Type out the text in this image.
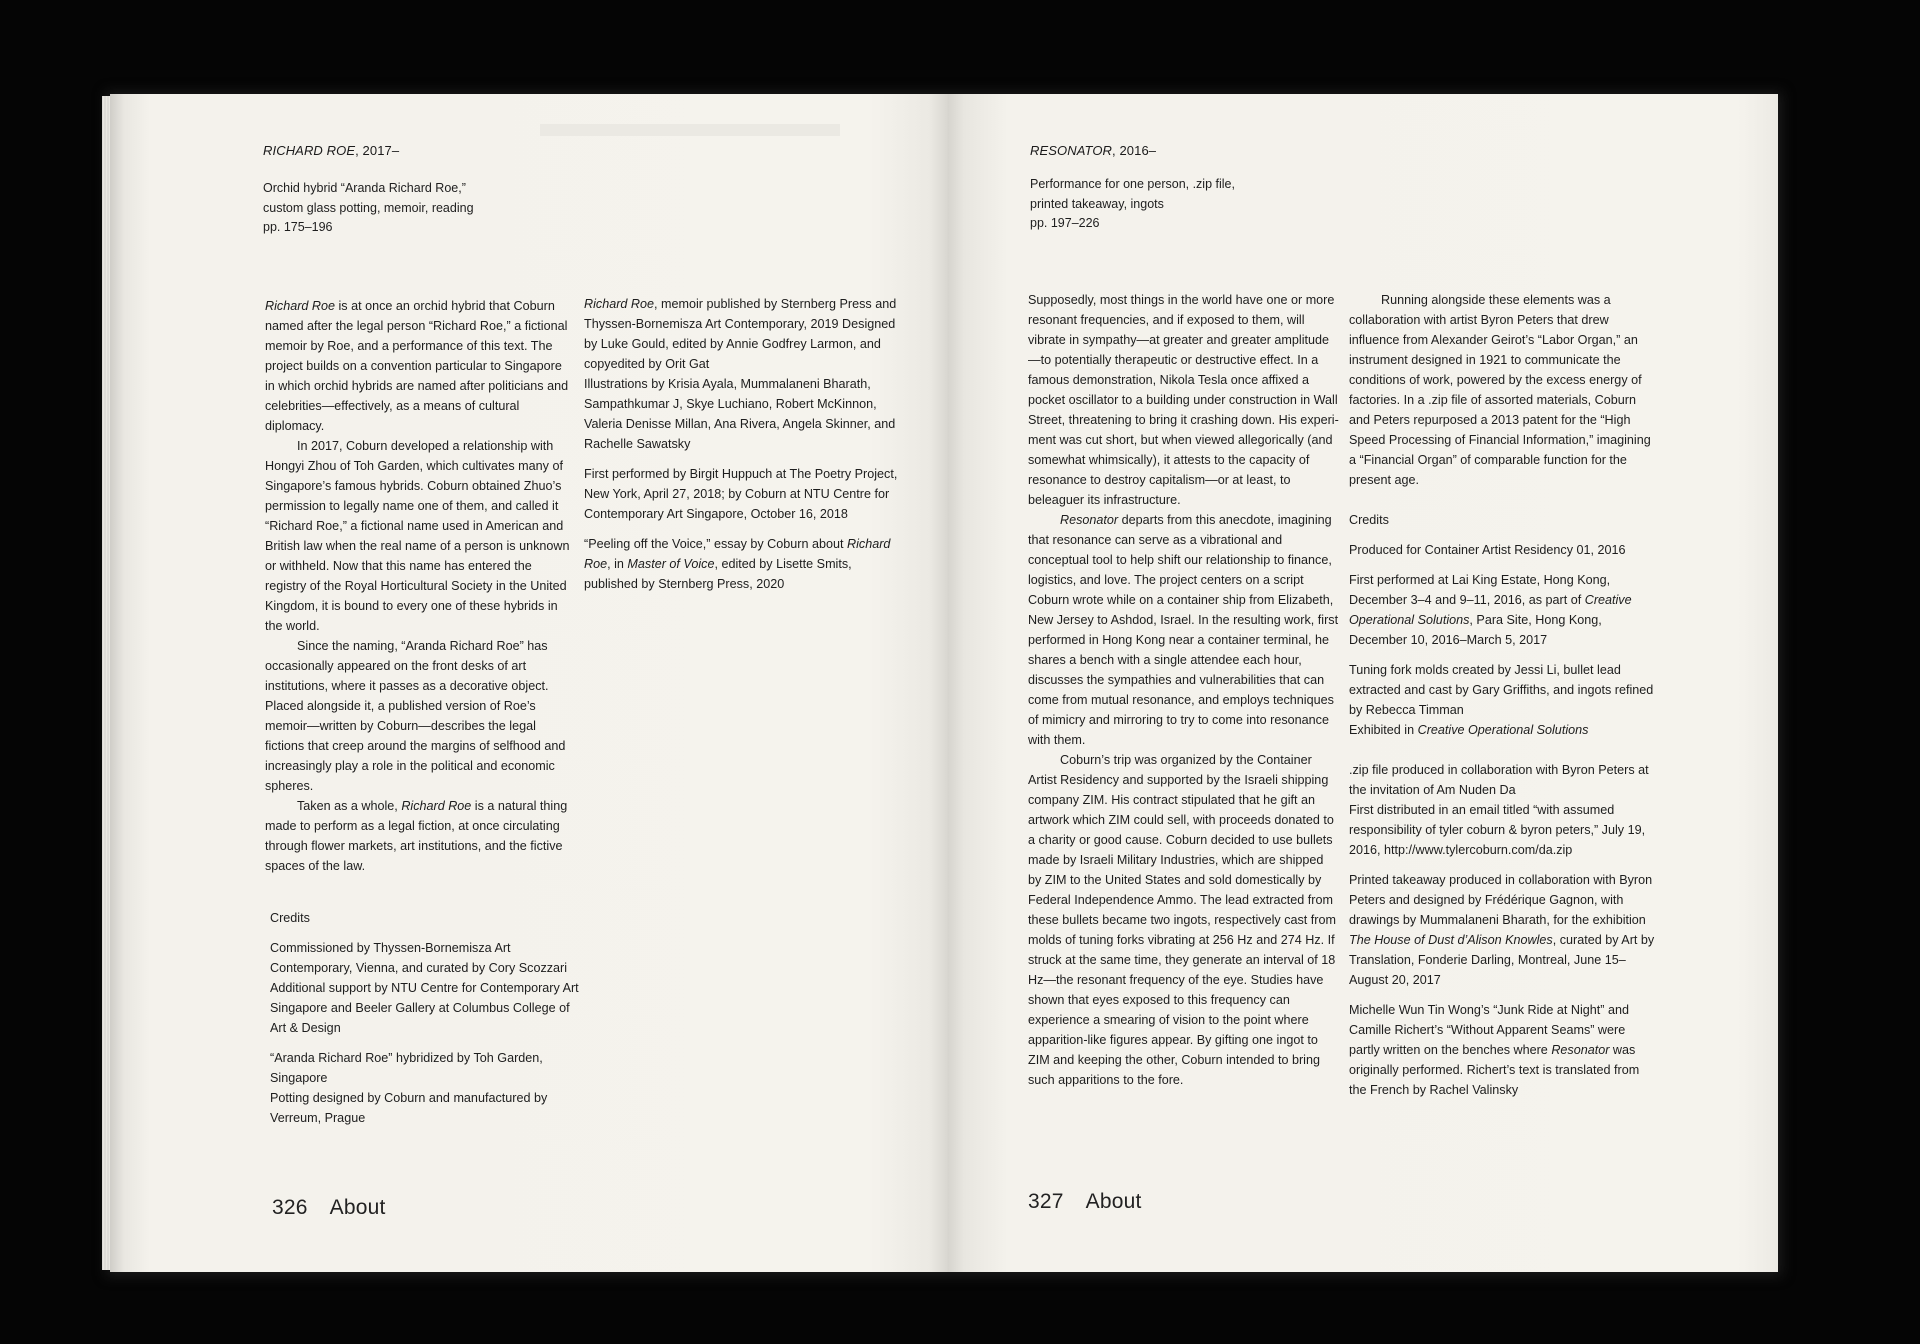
RICHARD ROE, 2017–
Orchid hybrid “Aranda Richard Roe,”
custom glass potting, memoir, reading
pp. 175–196

Richard Roe is at once an orchid hybrid that Coburn named after the legal person “Richard Roe,” a fictional memoir by Roe, and a performance of this text. The project builds on a convention particular to Singapore in which orchid hybrids are named after politicians and celebrities—effectively, as a means of cultural diplomacy.

In 2017, Coburn developed a relationship with Hongyi Zhou of Toh Garden, which cultivates many of Singapore’s famous hybrids. Coburn obtained Zhuo’s permission to legally name one of them, and called it “Richard Roe,” a fictional name used in American and British law when the real name of a person is unknown or withheld. Now that this name has entered the registry of the Royal Horticultural Society in the United Kingdom, it is bound to every one of these hybrids in the world.

Since the naming, “Aranda Richard Roe” has occasionally appeared on the front desks of art institutions, where it passes as a decorative object. Placed alongside it, a published version of Roe’s memoir—written by Coburn—describes the legal fictions that creep around the margins of selfhood and increasingly play a role in the political and economic spheres.

Taken as a whole, Richard Roe is a natural thing made to perform as a legal fiction, at once circulating through flower markets, art institutions, and the fictive spaces of the law.

Credits

Commissioned by Thyssen-Bornemisza Art Contemporary, Vienna, and curated by Cory Scozzari

Additional support by NTU Centre for Contemporary Art Singapore and Beeler Gallery at Columbus College of Art & Design

“Aranda Richard Roe” hybridized by Toh Garden, Singapore

Potting designed by Coburn and manufactured by Verreum, Prague

Richard Roe, memoir published by Sternberg Press and Thyssen-Bornemisza Art Contemporary, 2019 Designed by Luke Gould, edited by Annie Godfrey Larmon, and copyedited by Orit Gat

Illustrations by Krisia Ayala, Mummalaneni Bharath, Sampathkumar J, Skye Luchiano, Robert McKinnon, Valeria Denisse Millan, Ana Rivera, Angela Skinner, and Rachelle Sawatsky

First performed by Birgit Huppuch at The Poetry Project, New York, April 27, 2018; by Coburn at NTU Centre for Contemporary Art Singapore, October 16, 2018

“Peeling off the Voice,” essay by Coburn about Richard Roe, in Master of Voice, edited by Lisette Smits, published by Sternberg Press, 2020

326 About
RESONATOR, 2016–
Performance for one person, .zip file,
printed takeaway, ingots
pp. 197–226

Supposedly, most things in the world have one or more resonant frequencies, and if exposed to them, will vibrate in sympathy—at greater and greater amplitude—to potentially therapeutic or destructive effect. In a famous demonstration, Nikola Tesla once affixed a pocket oscillator to a building under construction in Wall Street, threatening to bring it crashing down. His experiment was cut short, but when viewed allegorically (and somewhat whimsically), it attests to the capacity of resonance to destroy capitalism—or at least, to beleaguer its infrastructure.

Resonator departs from this anecdote, imagining that resonance can serve as a vibrational and conceptual tool to help shift our relationship to finance, logistics, and love. The project centers on a script Coburn wrote while on a container ship from Elizabeth, New Jersey to Ashdod, Israel. In the resulting work, first performed in Hong Kong near a container terminal, he shares a bench with a single attendee each hour, discusses the sympathies and vulnerabilities that can come from mutual resonance, and employs techniques of mimicry and mirroring to try to come into resonance with them.

Coburn’s trip was organized by the Container Artist Residency and supported by the Israeli shipping company ZIM. His contract stipulated that he gift an artwork which ZIM could sell, with proceeds donated to a charity or good cause. Coburn decided to use bullets made by Israeli Military Industries, which are shipped by ZIM to the United States and sold domestically by Federal Independence Ammo. The lead extracted from these bullets became two ingots, respectively cast from molds of tuning forks vibrating at 256 Hz and 274 Hz. If struck at the same time, they generate an interval of 18 Hz—the resonant frequency of the eye. Studies have shown that eyes exposed to this frequency can experience a smearing of vision to the point where apparition-like figures appear. By gifting one ingot to ZIM and keeping the other, Coburn intended to bring such apparitions to the fore.

Running alongside these elements was a collaboration with artist Byron Peters that drew influence from Alexander Geirot’s “Labor Organ,” an instrument designed in 1921 to communicate the conditions of work, powered by the excess energy of factories. In a .zip file of assorted materials, Coburn and Peters repurposed a 2013 patent for the “High Speed Processing of Financial Information,” imagining a “Financial Organ” of comparable function for the present age.

Credits

Produced for Container Artist Residency 01, 2016

First performed at Lai King Estate, Hong Kong, December 3–4 and 9–11, 2016, as part of Creative Operational Solutions, Para Site, Hong Kong, December 10, 2016–March 5, 2017

Tuning fork molds created by Jessi Li, bullet lead extracted and cast by Gary Griffiths, and ingots refined by Rebecca Timman

Exhibited in Creative Operational Solutions

.zip file produced in collaboration with Byron Peters at the invitation of Am Nuden Da

First distributed in an email titled “with assumed responsibility of tyler coburn & byron peters,” July 19, 2016, http://www.tylercoburn.com/da.zip

Printed takeaway produced in collaboration with Byron Peters and designed by Frédérique Gagnon, with drawings by Mummalaneni Bharath, for the exhibition The House of Dust d’Alison Knowles, curated by Art by Translation, Fonderie Darling, Montreal, June 15–August 20, 2017

Michelle Wun Tin Wong’s “Junk Ride at Night” and Camille Richert’s “Without Apparent Seams” were partly written on the benches where Resonator was originally performed. Richert’s text is translated from the French by Rachel Valinsky

327 About
